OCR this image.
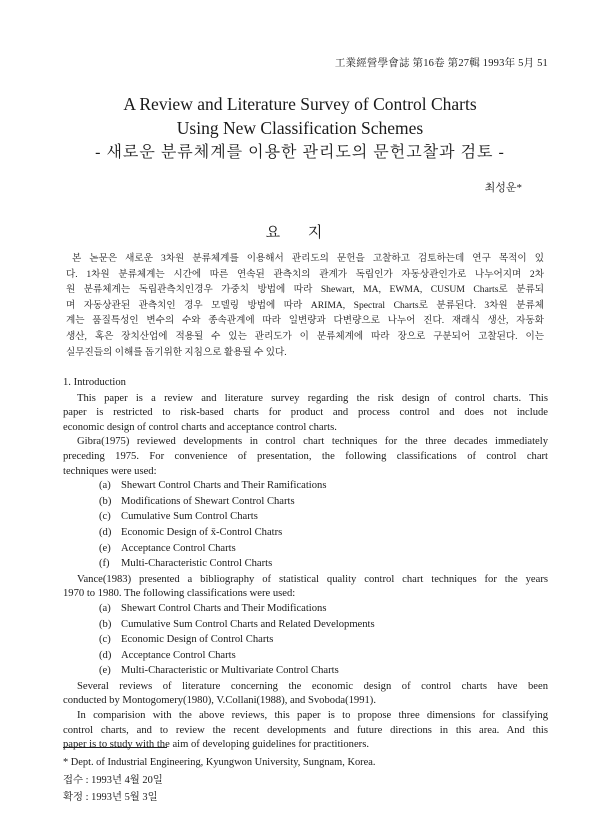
工業經營學會誌 第16卷 第27輯 1993年 5月 51
A Review and Literature Survey of Control Charts
Using New Classification Schemes
- 새로운 분류체계를 이용한 관리도의 문헌고찰과 검토 -
최성운*
요 지
본 논문은 새로운 3차원 분류체계를 이용해서 관리도의 문헌을 고찰하고 검토하는데 연구 목적이 있
다. 1차원 분류체계는 시간에 따른 연속된 관측치의 관계가 독립인가 자동상관인가로 나누어지며 2차
원 분류체계는 독립관측치인경우 가중치 방법에 따라 Shewart, MA, EWMA, CUSUM Charts로 분류되
며 자동상관된 관측치인 경우 모델링 방법에 따라 ARIMA, Spectral Charts로 분류된다. 3차원 분류체
계는 품질특성인 변수의 수와 종속관계에 따라 일변량과 다변량으로 나누어 진다. 재래식 생산, 자동화
생산, 혹은 장치산업에 적용될 수 있는 관리도가 이 분류체계에 따라 장으로 구분되어 고찰된다. 이는
실무진들의 이해를 돕기위한 지침으로 활용될 수 있다.

1. Introduction

This paper is a review and literature survey regarding the risk design of control charts. This
paper is restricted to risk-based charts for product and process control and does not include
economic design of control charts and acceptance control charts.

Gibra(1975) reviewed developments in control chart techniques for the three decades immediately
preceding 1975. For convenience of presentation, the following classifications of control chart
techniques were used:

(a) Shewart Control Charts and Their Ramifications
(b) Modifications of Shewart Control Charts
(c) Cumulative Sum Control Charts
(d) Economic Design of x̄-Control Chatrs
(e) Acceptance Control Charts
(f)	Multi-Characteristic Control Charts

Vance(1983) presented a bibliography of statistical quality control chart techniques for the years
1970 to 1980. The following classifications were used:

(a) Shewart Control Charts and Their Modifications
(b) Cumulative Sum Control Charts and Related Developments
(c) Economic Design of Control Charts
(d) Acceptance Control Charts
(e) Multi-Characteristic or Multivariate Control Charts

Several reviews of literature concerning the economic design of control charts have been
conducted by Montogomery(1980), V.Collani(1988), and Svoboda(1991).

In comparision with the above reviews, this paper is to propose three dimensions for classifying
control charts, and to review the recent developments and future directions in this area. And this
paper is to study with the aim of developing guidelines for practitioners.

* Dept. of Industrial Engineering, Kyungwon University, Sungnam, Korea.
접수 : 1993년 4월 20일
확정 : 1993년 5월 3일
